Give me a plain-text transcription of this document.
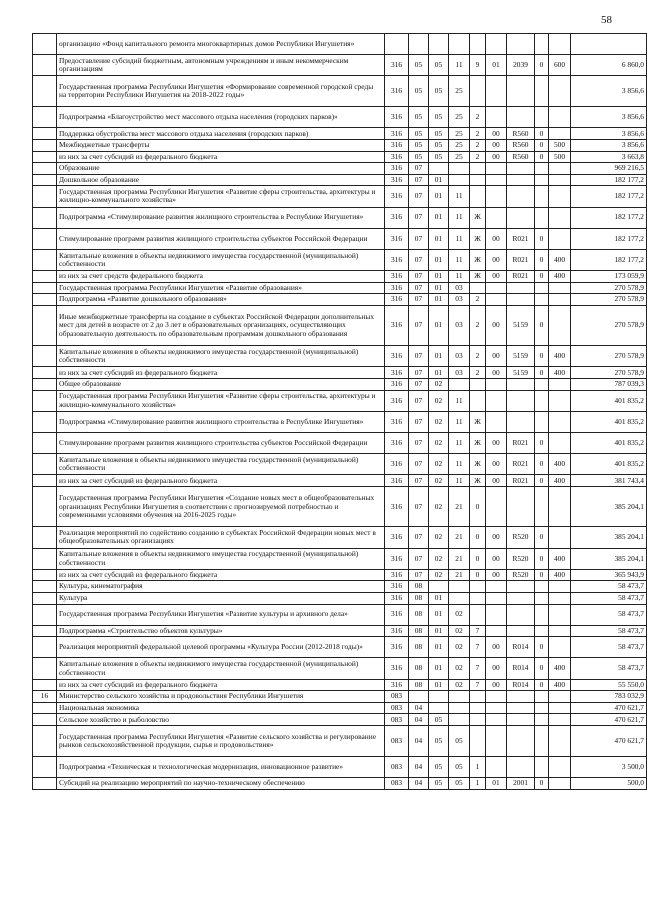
58
	организацию «Фонд капитального ремонта многоквартирных домов Республики Ингушетия»										
	Предоставление субсидий бюджетным, автономным учреждениям и иным некоммерческим организациям	316	05	05	11	9	01	2039	0	600	6 860,0
	Государственная программа Республики Ингушетия «Формирование современной городской среды на территории Республики Ингушетия на 2018-2022 годы»	316	05	05	25						3 856,6
	Подпрограмма «Благоустройство мест массового отдыха населения (городских парков)»	316	05	05	25	2					3 856,6
	Поддержка обустройства мест массового отдыха населения (городских парков)	316	05	05	25	2	00	R560	0		3 856,6
	Межбюджетные трансферты	316	05	05	25	2	00	R560	0	500	3 856,6
	из них за счет субсидий из федерального бюджета	316	05	05	25	2	00	R560	0	500	3 663,8
	Образование	316	07								969 216,5
	Дошкольное образование	316	07	01							182 177,2
	Государственная программа Республики Ингушетия «Развитие сферы строительства, архитектуры и жилищно-коммунального хозяйства»	316	07	01	11						182 177,2
	Подпрограмма «Стимулирование развития жилищного строительства в Республике Ингушетия»	316	07	01	11	Ж					182 177,2
	Стимулирование программ развития жилищного строительства субъектов Российской Федерации	316	07	01	11	Ж	00	R021	0		182 177,2
	Капитальные вложения в объекты недвижимого имущества государственной (муниципальной) собственности	316	07	01	11	Ж	00	R021	0	400	182 177,2
	из них за счет средств федерального бюджета	316	07	01	11	Ж	00	R021	0	400	173 059,9
	Государственная программа Республики Ингушетия «Развитие образования»	316	07	01	03						270 578,9
	Подпрограмма «Развитие дошкольного образования»	316	07	01	03	2					270 578,9
	Иные межбюджетные трансферты на создание в субъектах Российской Федерации дополнительных мест для детей в возрасте от 2 до 3 лет в образовательных организациях, осуществляющих образовательную деятельность по образовательным программам дошкольного образования	316	07	01	03	2	00	5159	0		270 578,9
	Капитальные вложения в объекты недвижимого имущества государственной (муниципальной) собственности	316	07	01	03	2	00	5159	0	400	270 578,9
	из них за счет субсидий из федерального бюджета	316	07	01	03	2	00	5159	0	400	270 578,9
	Общее образование	316	07	02							787 039,3
	Государственная программа Республики Ингушетия «Развитие сферы строительства, архитектуры и жилищно-коммунального хозяйства»	316	07	02	11						401 835,2
	Подпрограмма «Стимулирование развития жилищного строительства в Республике Ингушетия»	316	07	02	11	Ж					401 835,2
	Стимулирование программ развития жилищного строительства субъектов Российской Федерации	316	07	02	11	Ж	00	R021	0		401 835,2
	Капитальные вложения в объекты недвижимого имущества государственной (муниципальной) собственности	316	07	02	11	Ж	00	R021	0	400	401 835,2
	из них за счет субсидий из федерального бюджета	316	07	02	11	Ж	00	R021	0	400	381 743,4
	Государственная программа Республики Ингушетия «Создание новых мест в общеобразовательных организациях Республики Ингушетия в соответствии с прогнозируемой потребностью и современными условиями обучения на 2016-2025 годы»	316	07	02	21	0					385 204,1
	Реализация мероприятий по содействию созданию в субъектах Российской Федерации новых мест в общеобразовательных организациях	316	07	02	21	0	00	R520	0		385 204,1
	Капитальные вложения в объекты недвижимого имущества государственной (муниципальной) собственности	316	07	02	21	0	00	R520	0	400	385 204,1
	из них за счет субсидий из федерального бюджета	316	07	02	21	0	00	R520	0	400	365 943,9
	Культура, кинематография	316	08								58 473,7
	Культура	316	08	01							58 473,7
	Государственная программа Республики Ингушетия «Развитие культуры и архивного дела»	316	08	01	02						58 473,7
	Подпрограмма «Строительство объектов культуры»	316	08	01	02	7					58 473,7
	Реализация мероприятий федеральной целевой программы «Культура России (2012-2018 годы)»	316	08	01	02	7	00	R014	0		58 473,7
	Капитальные вложения в объекты недвижимого имущества государственной (муниципальной) собственности	316	08	01	02	7	00	R014	0	400	58 473,7
	из них за счет субсидий из федерального бюджета	316	08	01	02	7	00	R014	0	400	55 550,0
16	Министерство сельского хозяйства и продовольствия Республики Ингушетия	083									783 032,9
	Национальная экономика	083	04								470 621,7
	Сельское хозяйство и рыболовство	083	04	05							470 621,7
	Государственная программа Республики Ингушетия «Развитие сельского хозяйства и регулирование рынков сельскохозяйственной продукции, сырья и продовольствия»	083	04	05	05						470 621,7
	Подпрограмма «Техническая и технологическая модернизация, инновационное развитие»	083	04	05	05	1					3 500,0
	Субсидий на реализацию мероприятий по научно-техническому обеспечению	083	04	05	05	1	01	2001	0		500,0
